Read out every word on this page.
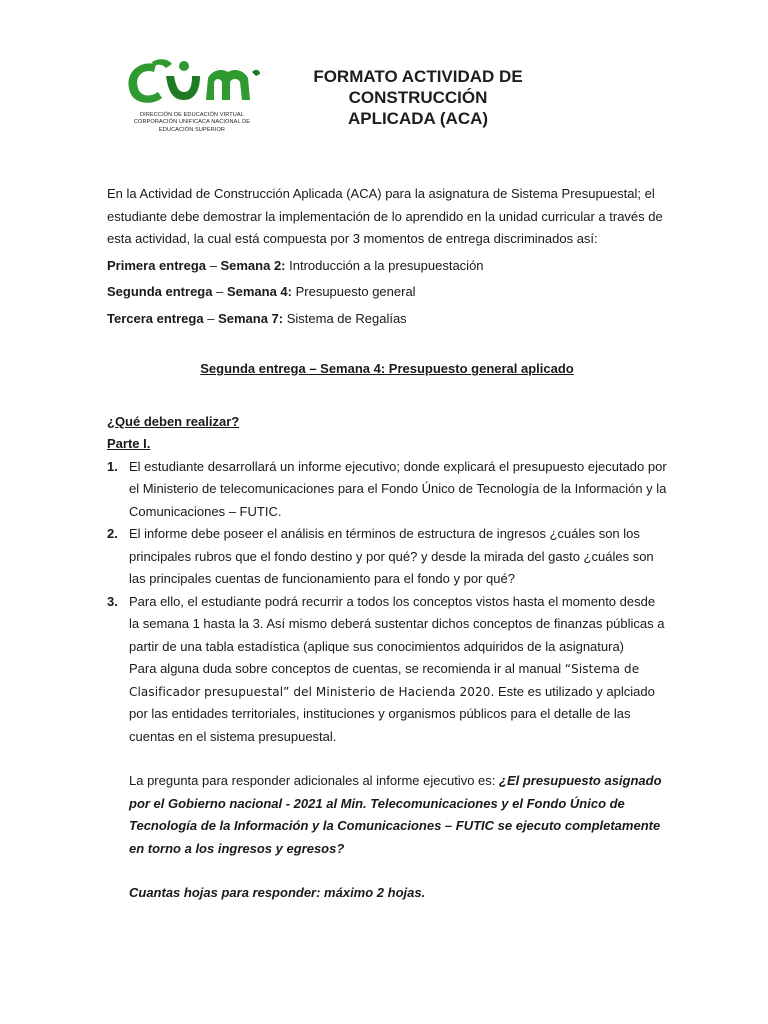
DIRECCIÓN DE EDUCACIÓN VIRTUAL
CORPORACIÓN UNIFICACA NACIONAL DE
EDUCACIÓN SUPERIOR
FORMATO ACTIVIDAD DE CONSTRUCCIÓN
APLICADA (ACA)

En la Actividad de Construcción Aplicada (ACA) para la asignatura de Sistema Presupuestal; el estudiante debe demostrar la implementación de lo aprendido en la unidad curricular a través de esta actividad, la cual está compuesta por 3 momentos de entrega discriminados así:

Primera entrega – Semana 2: Introducción a la presupuestación

Segunda entrega – Semana 4: Presupuesto general

Tercera entrega – Semana 7: Sistema de Regalías

Segunda entrega – Semana 4: Presupuesto general aplicado

¿Qué deben realizar?

Parte I.

1. El estudiante desarrollará un informe ejecutivo; donde explicará el presupuesto ejecutado por el Ministerio de telecomunicaciones para el Fondo Único de Tecnología de la Información y la Comunicaciones – FUTIC.
2. El informe debe poseer el análisis en términos de estructura de ingresos ¿cuáles son los principales rubros que el fondo destino y por qué? y desde la mirada del gasto ¿cuáles son las principales cuentas de funcionamiento para el fondo y por qué?
3. Para ello, el estudiante podrá recurrir a todos los conceptos vistos hasta el momento desde la semana 1 hasta la 3. Así mismo deberá sustentar dichos conceptos de finanzas públicas a partir de una tabla estadística (aplique sus conocimientos adquiridos de la asignatura)

Para alguna duda sobre conceptos de cuentas, se recomienda ir al manual “Sistema de Clasificador presupuestal” del Ministerio de Hacienda 2020. Este es utilizado y aplciado por las entidades territoriales, instituciones y organismos públicos para el detalle de las cuentas en el sistema presupuestal.

La pregunta para responder adicionales al informe ejecutivo es: ¿El presupuesto asignado por el Gobierno nacional - 2021 al Min. Telecomunicaciones y el Fondo Único de Tecnología de la Información y la Comunicaciones – FUTIC se ejecuto completamente en torno a los ingresos y egresos?

Cuantas hojas para responder: máximo 2 hojas.
